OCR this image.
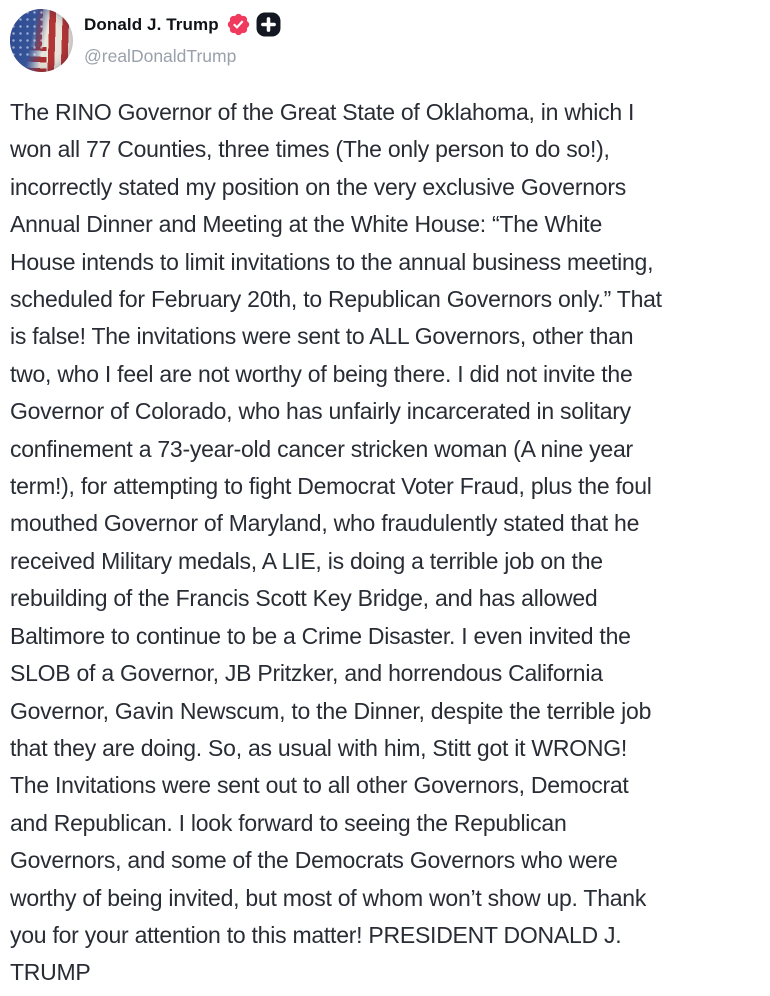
Donald J. Trump
@realDonaldTrump
The RINO Governor of the Great State of Oklahoma, in which I
won all 77 Counties, three times (The only person to do so!),
incorrectly stated my position on the very exclusive Governors
Annual Dinner and Meeting at the White House: “The White
House intends to limit invitations to the annual business meeting,
scheduled for February 20th, to Republican Governors only.” That
is false! The invitations were sent to ALL Governors, other than
two, who I feel are not worthy of being there. I did not invite the
Governor of Colorado, who has unfairly incarcerated in solitary
confinement a 73-year-old cancer stricken woman (A nine year
term!), for attempting to fight Democrat Voter Fraud, plus the foul
mouthed Governor of Maryland, who fraudulently stated that he
received Military medals, A LIE, is doing a terrible job on the
rebuilding of the Francis Scott Key Bridge, and has allowed
Baltimore to continue to be a Crime Disaster. I even invited the
SLOB of a Governor, JB Pritzker, and horrendous California
Governor, Gavin Newscum, to the Dinner, despite the terrible job
that they are doing. So, as usual with him, Stitt got it WRONG!
The Invitations were sent out to all other Governors, Democrat
and Republican. I look forward to seeing the Republican
Governors, and some of the Democrats Governors who were
worthy of being invited, but most of whom won’t show up. Thank
you for your attention to this matter! PRESIDENT DONALD J.
TRUMP
